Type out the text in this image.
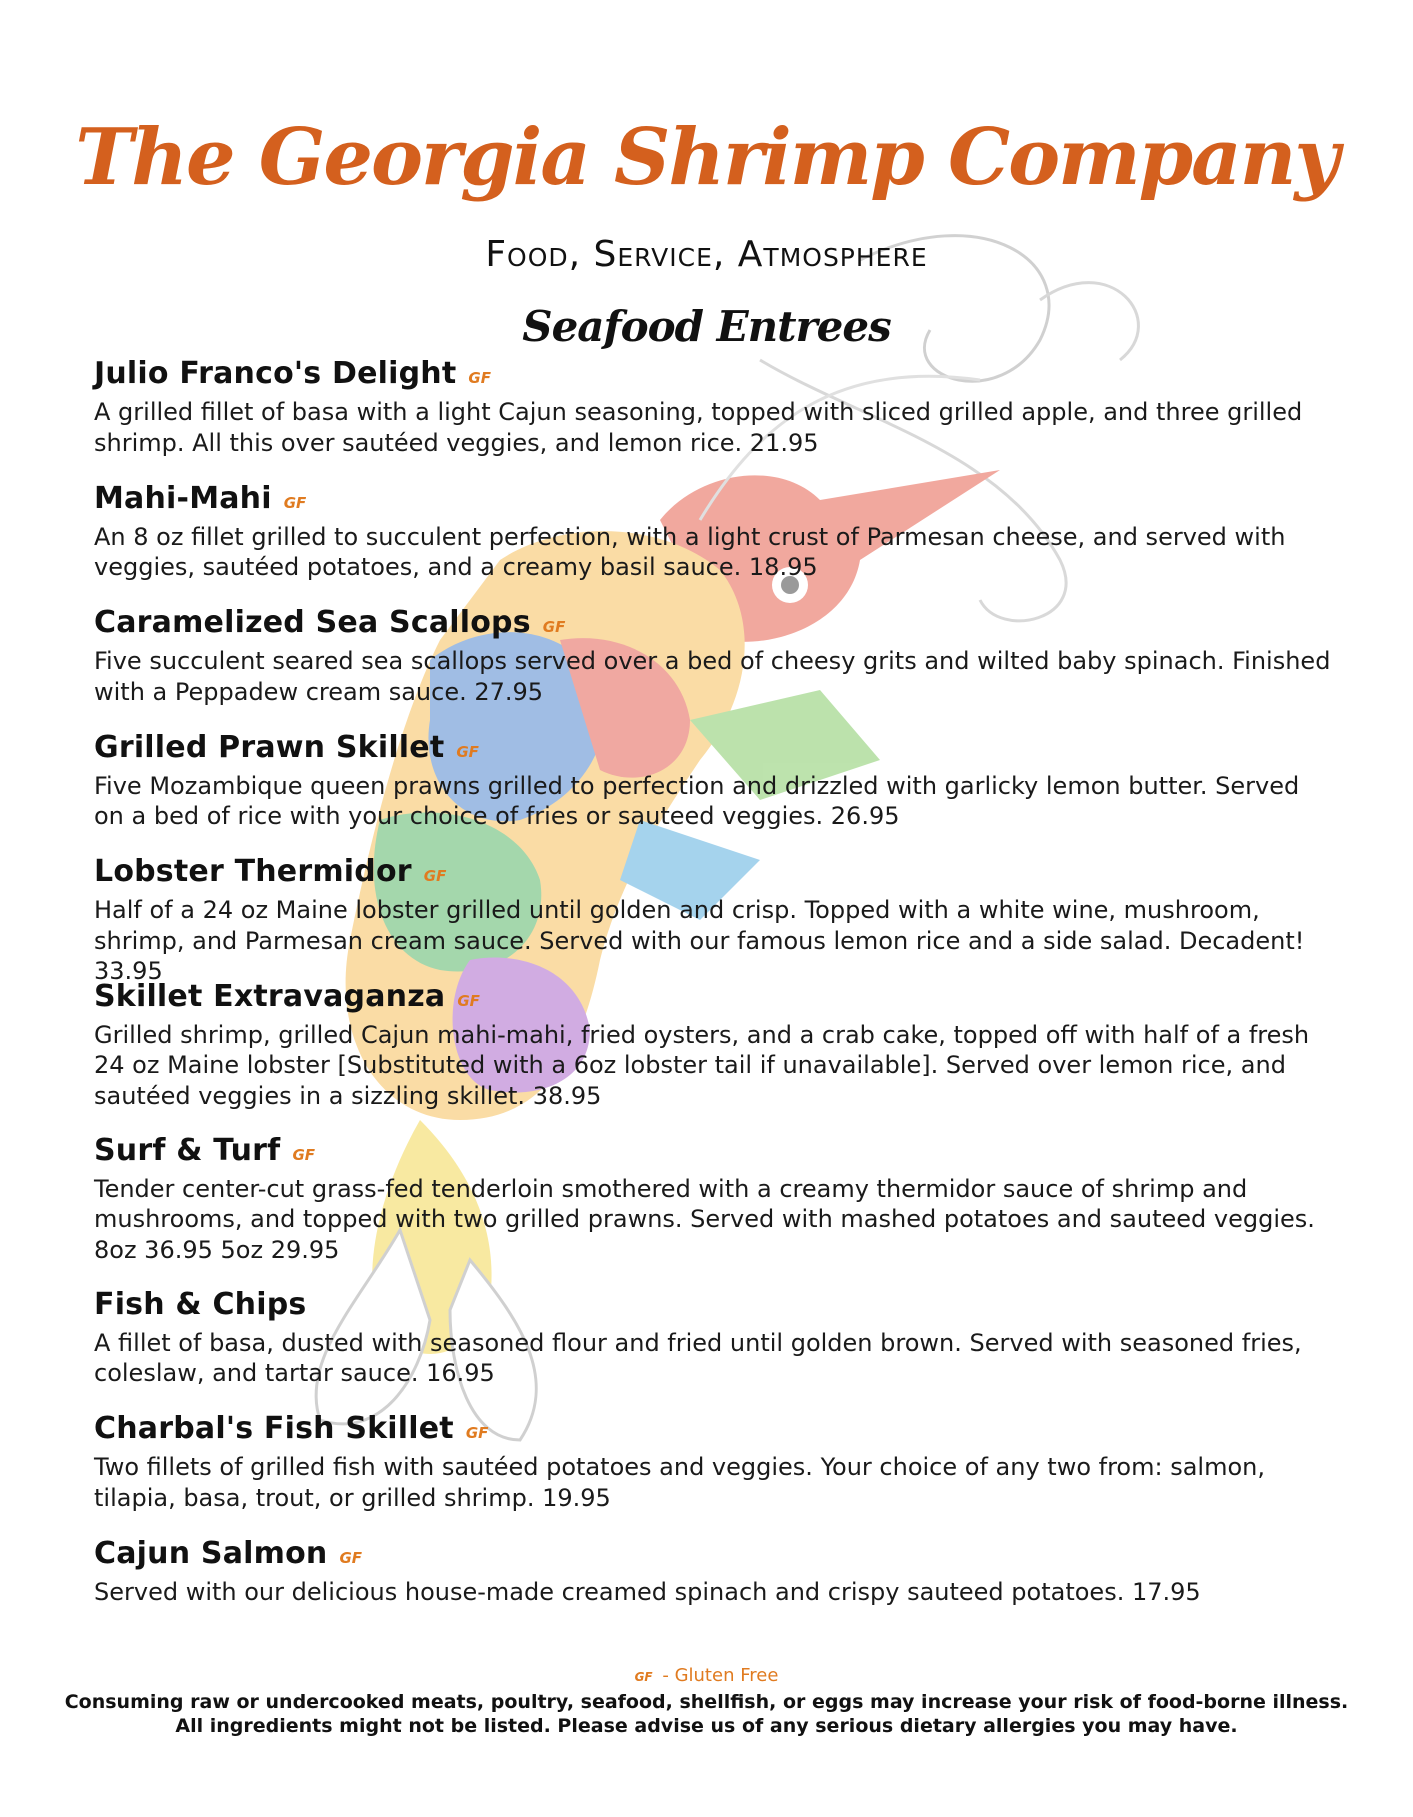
The Georgia Shrimp Company
Food, Service, Atmosphere
Seafood Entrees
Julio Franco's Delight GF
A grilled fillet of basa with a light Cajun seasoning, topped with sliced grilled apple, and three grilled shrimp. All this over sautéed veggies, and lemon rice. 21.95
Mahi-Mahi GF
An 8 oz fillet grilled to succulent perfection, with a light crust of Parmesan cheese, and served with veggies, sautéed potatoes, and a creamy basil sauce. 18.95
Caramelized Sea Scallops GF
Five succulent seared sea scallops served over a bed of cheesy grits and wilted baby spinach. Finished with a Peppadew cream sauce. 27.95
Grilled Prawn Skillet GF
Five Mozambique queen prawns grilled to perfection and drizzled with garlicky lemon butter. Served on a bed of rice with your choice of fries or sauteed veggies. 26.95
Lobster Thermidor GF
Half of a 24 oz Maine lobster grilled until golden and crisp. Topped with a white wine, mushroom, shrimp, and Parmesan cream sauce. Served with our famous lemon rice and a side salad. Decadent! 33.95
Skillet Extravaganza GF
Grilled shrimp, grilled Cajun mahi-mahi, fried oysters, and a crab cake, topped off with half of a fresh 24 oz Maine lobster [Substituted with a 6oz lobster tail if unavailable]. Served over lemon rice, and sautéed veggies in a sizzling skillet. 38.95
Surf & Turf GF
Tender center-cut grass-fed tenderloin smothered with a creamy thermidor sauce of shrimp and mushrooms, and topped with two grilled prawns. Served with mashed potatoes and sauteed veggies. 8oz 36.95 5oz 29.95
Fish & Chips
A fillet of basa, dusted with seasoned flour and fried until golden brown. Served with seasoned fries, coleslaw, and tartar sauce. 16.95
Charbal's Fish Skillet GF
Two fillets of grilled fish with sautéed potatoes and veggies. Your choice of any two from: salmon, tilapia, basa, trout, or grilled shrimp. 19.95
Cajun Salmon GF
Served with our delicious house-made creamed spinach and crispy sauteed potatoes. 17.95
GF - Gluten Free
Consuming raw or undercooked meats, poultry, seafood, shellfish, or eggs may increase your risk of food-borne illness.
All ingredients might not be listed. Please advise us of any serious dietary allergies you may have.
